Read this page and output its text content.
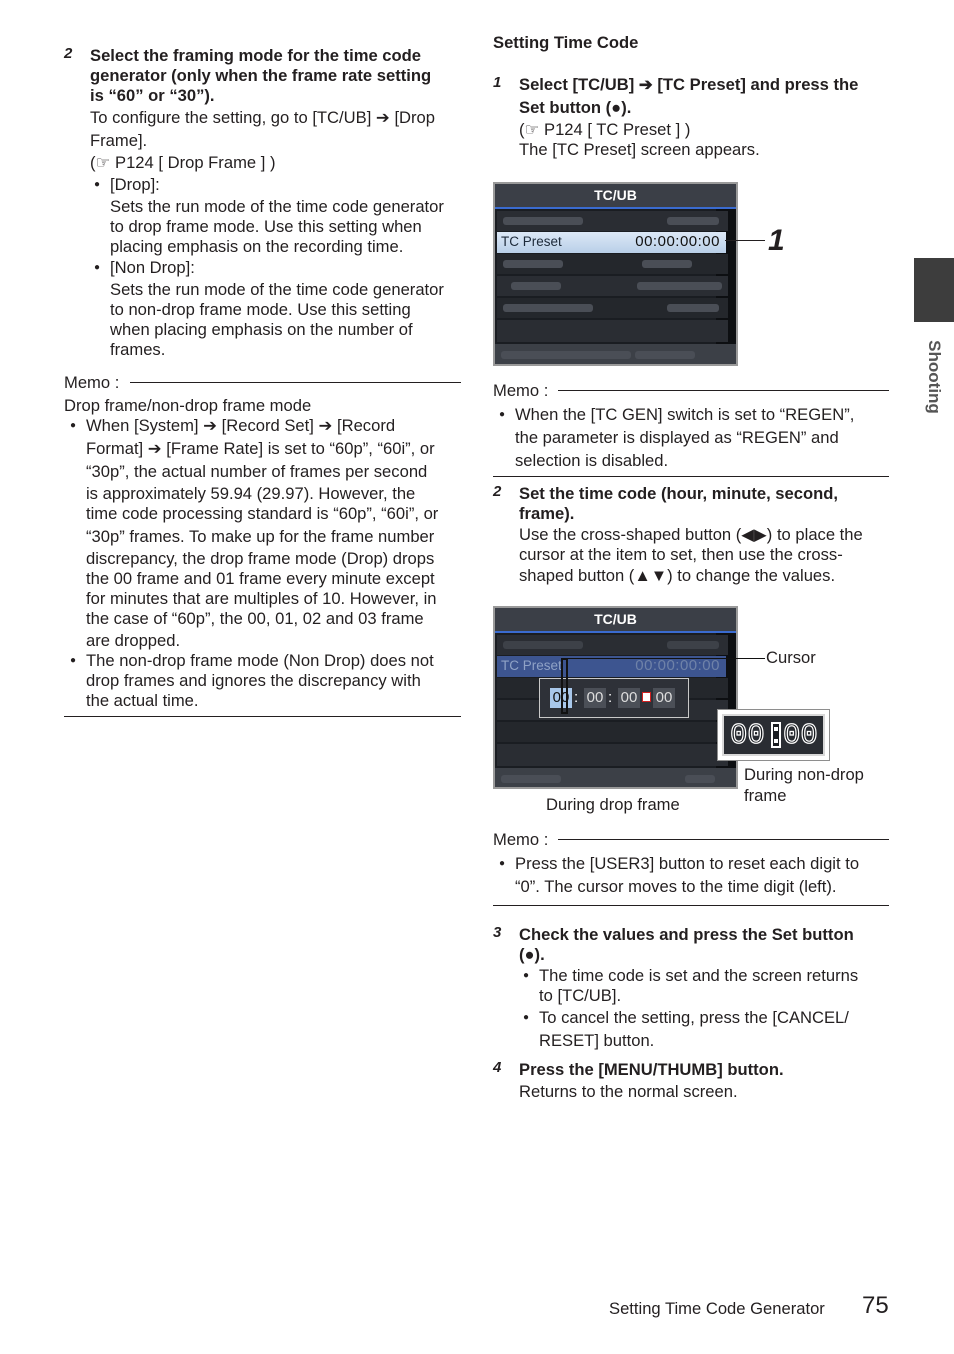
2 Select the framing mode for the time code
generator (only when the frame rate setting
is “60” or “30”).
To configure the setting, go to [TC/UB] ➔ [Drop
Frame].
(☞ P124 [ Drop Frame ] )
● [Drop]:
Sets the run mode of the time code generator
to drop frame mode. Use this setting when
placing emphasis on the recording time.
● [Non Drop]:
Sets the run mode of the time code generator
to non-drop frame mode. Use this setting
when placing emphasis on the number of
frames.
Memo :
Drop frame/non-drop frame mode
● When [System] ➔ [Record Set] ➔ [Record
Format] ➔ [Frame Rate] is set to “60p”, “60i”, or
“30p”, the actual number of frames per second
is approximately 59.94 (29.97). However, the
time code processing standard is “60p”, “60i”, or
“30p” frames. To make up for the frame number
discrepancy, the drop frame mode (Drop) drops
the 00 frame and 01 frame every minute except
for minutes that are multiples of 10. However, in
the case of “60p”, the 00, 01, 02 and 03 frame
are dropped.
● The non-drop frame mode (Non Drop) does not
drop frames and ignores the discrepancy with
the actual time.
Setting Time Code
1 Select [TC/UB] ➔ [TC Preset] and press the
Set button (●).
(☞ P124 [ TC Preset ] )
The [TC Preset] screen appears.
TC/UB
TC Preset	00:00:00:00 1
Memo :
● When the [TC GEN] switch is set to “REGEN”,
the parameter is displayed as “REGEN” and
selection is disabled.
2 Set the time code (hour, minute, second,
frame).
Use the cross-shaped button (◀▶) to place the
cursor at the item to set, then use the cross-
shaped button (▲▼) to change the values.
TC/UB
TC Preset	00:00:00:00
00 : 00 : 00 00
Cursor
00 00
During drop frame
During non-drop
frame
Memo :
● Press the [USER3] button to reset each digit to
“0”. The cursor moves to the time digit (left).
3 Check the values and press the Set button
(●).
● The time code is set and the screen returns
to [TC/UB].
● To cancel the setting, press the [CANCEL/
RESET] button.
4 Press the [MENU/THUMB] button.
Returns to the normal screen.
Shooting
Setting Time Code Generator 75
